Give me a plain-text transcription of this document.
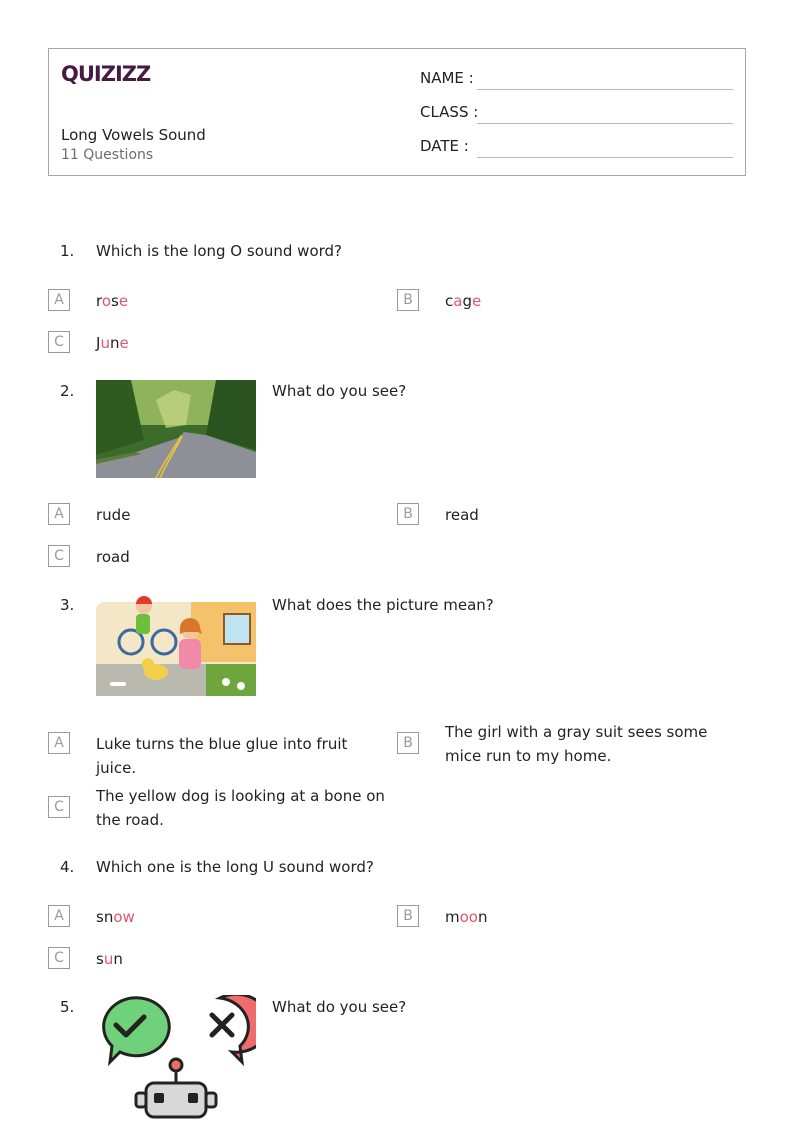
QUIZIZZ
Long Vowels Sound
11 Questions
NAME :
CLASS :
DATE :
1. Which is the long O sound word?
A	rose	B	cage
C	June
2.	What do you see?
A	rude	B	read
C	road
3.	What does the picture mean?
A	Luke turns the blue glue into fruit juice.
B
The girl with a gray suit sees some mice run to my home.
C
The yellow dog is looking at a bone on the road.
4. Which one is the long U sound word?
A	snow	B	moon
C	sun
5.	What do you see?
